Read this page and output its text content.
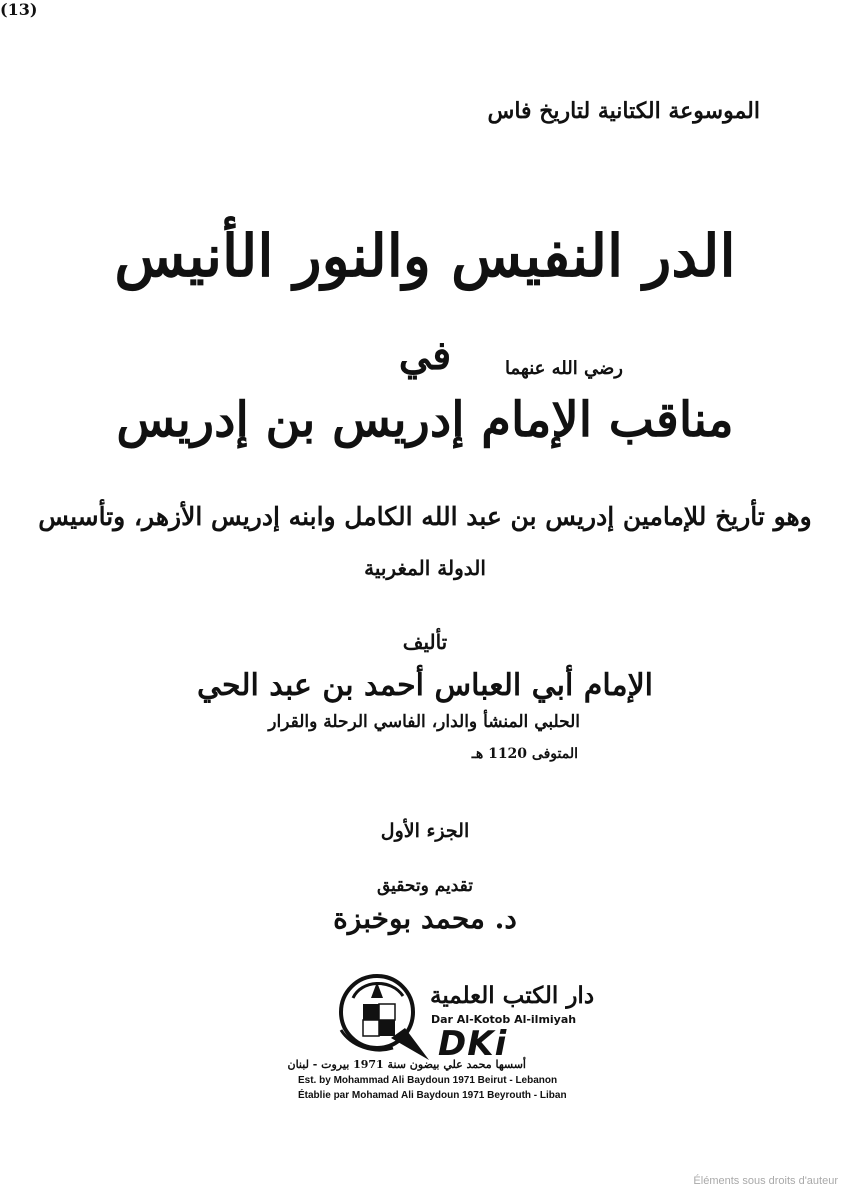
الموسوعة الكتانية لتاريخ فاس
(13)
الدر النفيس والنور الأنيس
في	رضي الله عنهما
مناقب الإمام إدريس بن إدريس
وهو تأريخ للإمامين إدريس بن عبد الله الكامل وابنه إدريس الأزهر، وتأسيس
الدولة المغربية
تأليف
الإمام أبي العباس أحمد بن عبد الحي
الحلبي المنشأ والدار، الفاسي الرحلة والقرار
المتوفى 1120 هـ
الجزء الأول
تقديم وتحقيق
د. محمد بوخبزة
دار الكتب العلمية
Dar Al-Kotob Al-ilmiyah
DKi
أسسها محمد علي بيضون سنة 1971 بيروت - لبنان
Est. by Mohammad Ali Baydoun 1971 Beirut - Lebanon
Établie par Mohamad Ali Baydoun 1971 Beyrouth - Liban
Éléments sous droits d'auteur
